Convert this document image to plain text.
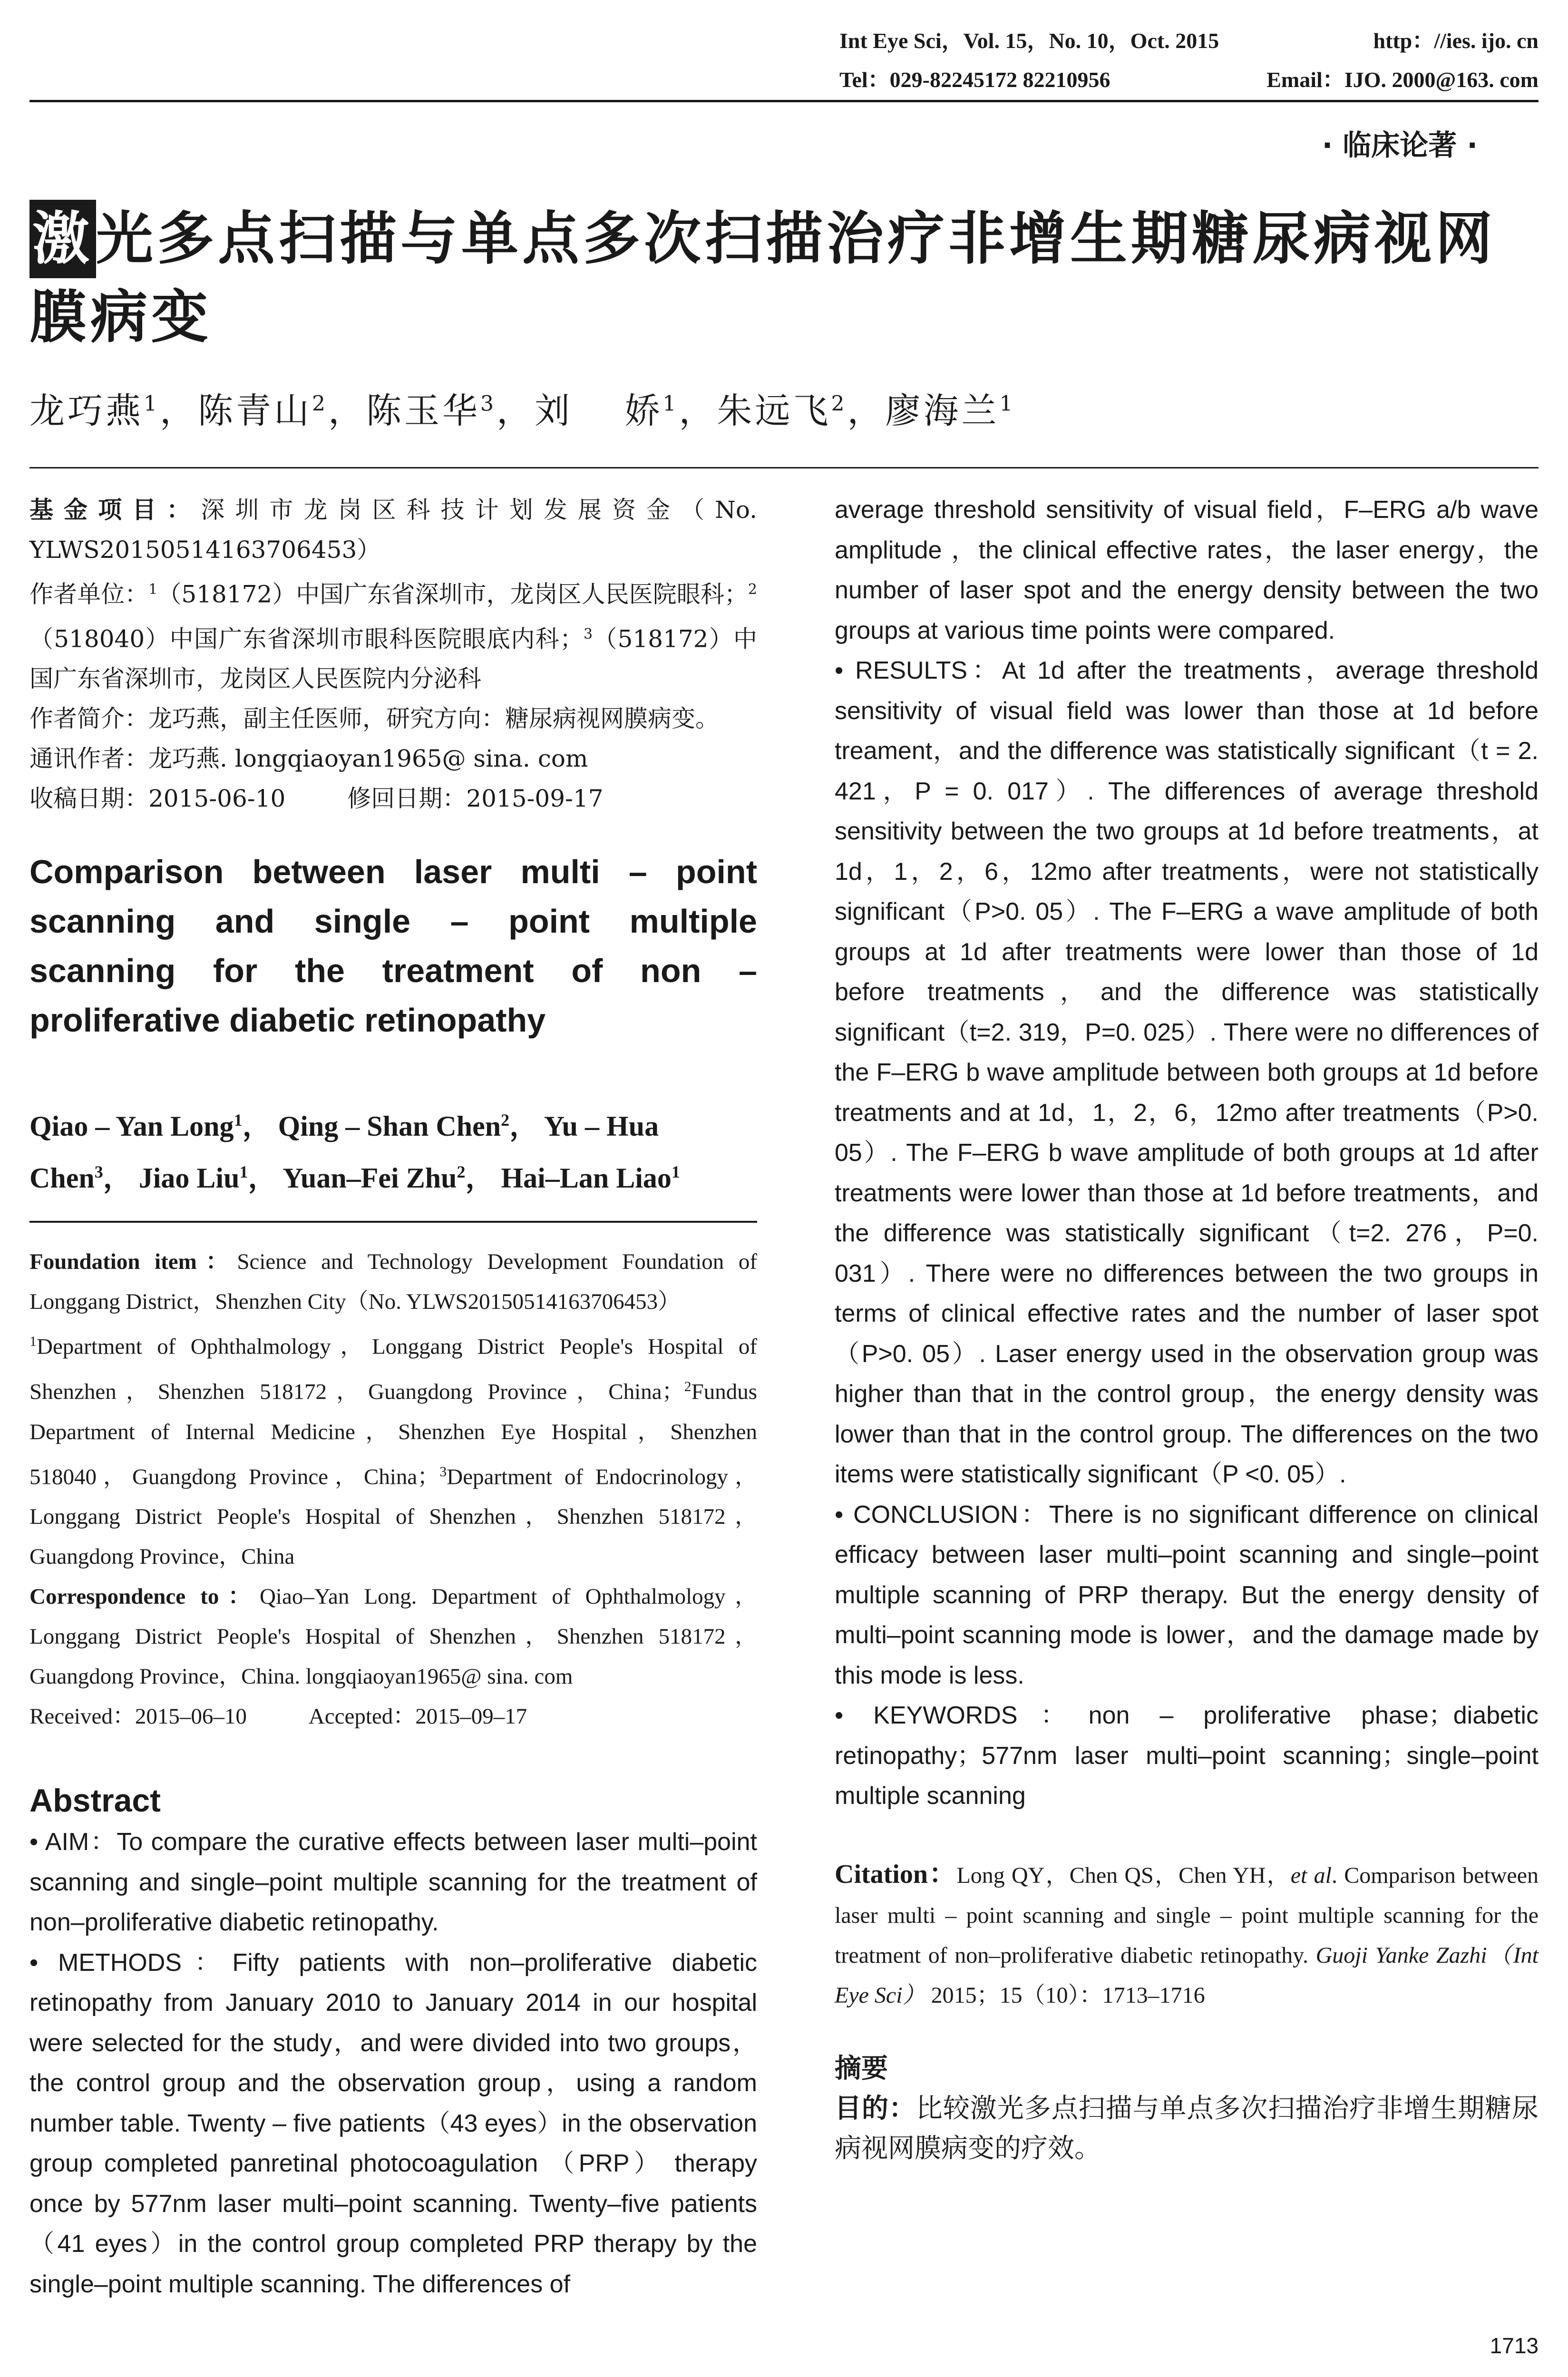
Int Eye Sci，Vol. 15，No. 10，Oct. 2015	http：//ies. ijo. cn
Tel：029-82245172 82210956	Email：IJO. 2000@163. com
· 临床论著 ·
激光多点扫描与单点多次扫描治疗非增生期糖尿病视网膜病变
龙巧燕$^1$，陈青山$^2$，陈玉华$^3$，刘　 娇$^1$，朱远飞$^2$，廖海兰$^1$
基金项目：深圳市龙岗区科技计划发展资金（No. YLWS20150514163706453）
作者单位：$^1$（518172）中国广东省深圳市，龙岗区人民医院眼科；$^2$（518040）中国广东省深圳市眼科医院眼底内科；$^3$（518172）中国广东省深圳市，龙岗区人民医院内分泌科
作者简介：龙巧燕，副主任医师，研究方向：糖尿病视网膜病变。
通讯作者：龙巧燕. longqiaoyan1965@ sina. com
收稿日期：2015-06-10	修回日期：2015-09-17
Comparison between laser multi – point scanning and single – point multiple scanning for the treatment of non – proliferative diabetic retinopathy
Qiao – Yan Long$^1$， Qing – Shan Chen$^2$， Yu – Hua Chen$^3$， Jiao Liu$^1$， Yuan–Fei Zhu$^2$， Hai–Lan Liao$^1$
Foundation item：Science and Technology Development Foundation of Longgang District，Shenzhen City（No. YLWS20150514163706453）
$^1$Department of Ophthalmology，Longgang District People's Hospital of Shenzhen，Shenzhen 518172，Guangdong Province，China；$^2$Fundus Department of Internal Medicine，Shenzhen Eye Hospital，Shenzhen 518040，Guangdong Province，China；$^3$Department of Endocrinology，Longgang District People's Hospital of Shenzhen，Shenzhen 518172，Guangdong Province，China
Correspondence to：Qiao–Yan Long. Department of Ophthalmology，Longgang District People's Hospital of Shenzhen，Shenzhen 518172，Guangdong Province，China. longqiaoyan1965@ sina. com
Received：2015–06–10	Accepted：2015–09–17
Abstract

• AIM：To compare the curative effects between laser multi–point scanning and single–point multiple scanning for the treatment of non–proliferative diabetic retinopathy.

• METHODS：Fifty patients with non–proliferative diabetic retinopathy from January 2010 to January 2014 in our hospital were selected for the study，and were divided into two groups，the control group and the observation group，using a random number table. Twenty – five patients（43 eyes）in the observation group completed panretinal photocoagulation （PRP） therapy once by 577nm laser multi–point scanning. Twenty–five patients （41 eyes）in the control group completed PRP therapy by the single–point multiple scanning. The differences of

average threshold sensitivity of visual field，F–ERG a/b wave amplitude ，the clinical effective rates，the laser energy，the number of laser spot and the energy density between the two groups at various time points were compared.

• RESULTS：At 1d after the treatments，average threshold sensitivity of visual field was lower than those at 1d before treament，and the difference was statistically significant（t = 2. 421，P = 0. 017）. The differences of average threshold sensitivity between the two groups at 1d before treatments，at 1d，1，2，6，12mo after treatments，were not statistically significant（P>0. 05）. The F–ERG a wave amplitude of both groups at 1d after treatments were lower than those of 1d before treatments，and the difference was statistically significant（t=2. 319，P=0. 025）. There were no differences of the F–ERG b wave amplitude between both groups at 1d before treatments and at 1d，1，2，6，12mo after treatments（P>0. 05）. The F–ERG b wave amplitude of both groups at 1d after treatments were lower than those at 1d before treatments，and the difference was statistically significant（t=2. 276，P=0. 031）. There were no differences between the two groups in terms of clinical effective rates and the number of laser spot（P>0. 05）. Laser energy used in the observation group was higher than that in the control group，the energy density was lower than that in the control group. The differences on the two items were statistically significant（P <0. 05）.

• CONCLUSION：There is no significant difference on clinical efficacy between laser multi–point scanning and single–point multiple scanning of PRP therapy. But the energy density of multi–point scanning mode is lower，and the damage made by this mode is less.

• KEYWORDS：non – proliferative phase；diabetic retinopathy；577nm laser multi–point scanning；single–point multiple scanning

Citation：Long QY，Chen QS，Chen YH，et al. Comparison between laser multi – point scanning and single – point multiple scanning for the treatment of non–proliferative diabetic retinopathy. Guoji Yanke Zazhi（Int Eye Sci） 2015；15（10）：1713–1716
摘要
目的：比较激光多点扫描与单点多次扫描治疗非增生期糖尿病视网膜病变的疗效。
1713
